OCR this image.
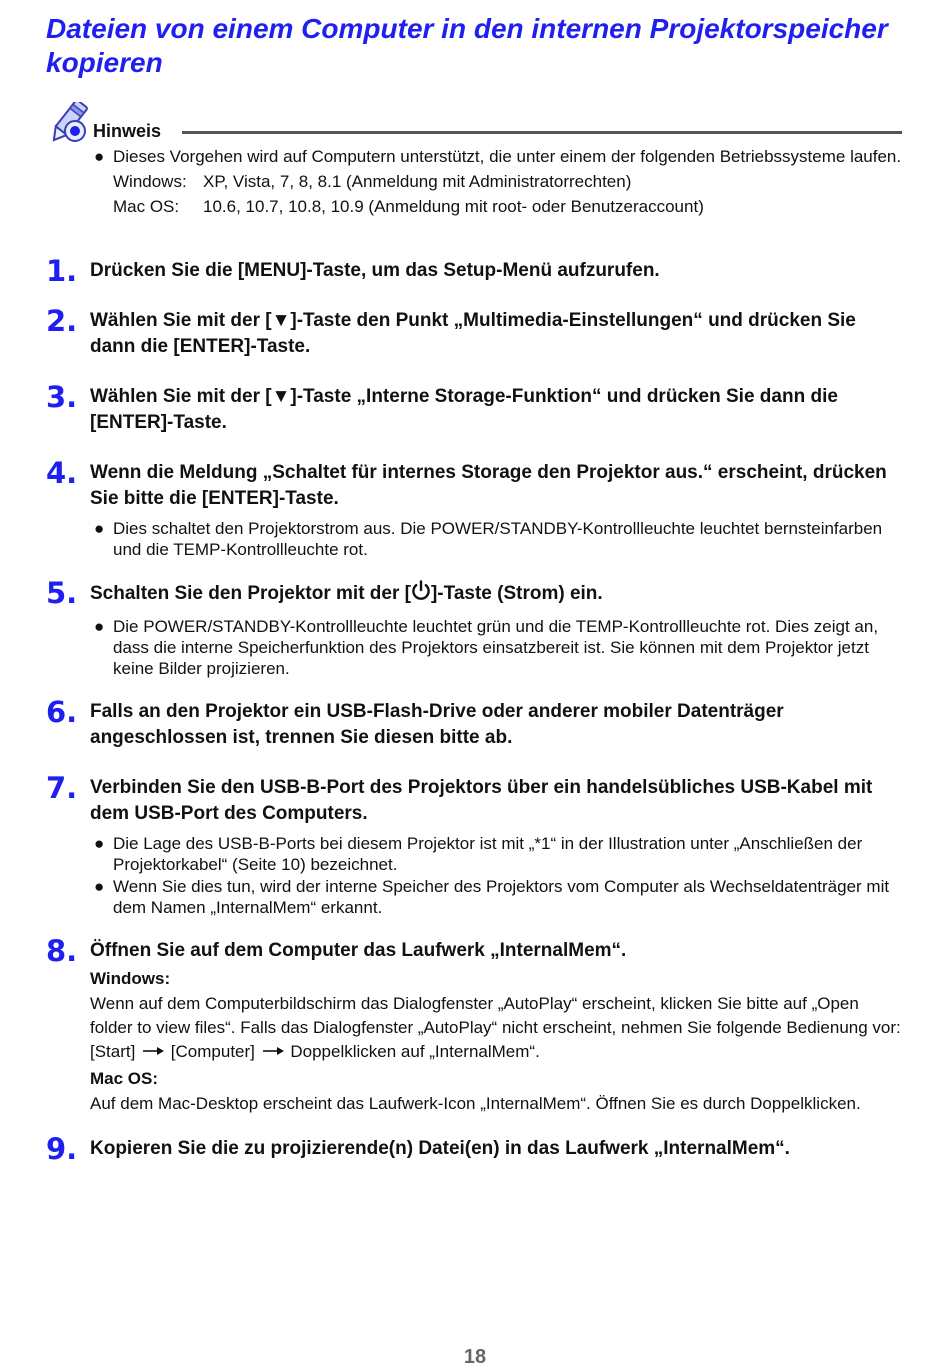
Dateien von einem Computer in den internen Projektorspeicher kopieren
Hinweis
● Dieses Vorgehen wird auf Computern unterstützt, die unter einem der folgenden Betriebssysteme laufen.
Windows: XP, Vista, 7, 8, 8.1 (Anmeldung mit Administratorrechten)
Mac OS:	10.6, 10.7, 10.8, 10.9 (Anmeldung mit root- oder Benutzeraccount)
1. Drücken Sie die [MENU]-Taste, um das Setup-Menü aufzurufen.
2. Wählen Sie mit der [▼]-Taste den Punkt „Multimedia-Einstellungen“ und drücken Sie dann die [ENTER]-Taste.
3. Wählen Sie mit der [▼]-Taste „Interne Storage-Funktion“ und drücken Sie dann die [ENTER]-Taste.
4. Wenn die Meldung „Schaltet für internes Storage den Projektor aus.“ erscheint, drücken Sie bitte die [ENTER]-Taste.
● Dies schaltet den Projektorstrom aus. Die POWER/STANDBY-Kontrollleuchte leuchtet bernsteinfarben und die TEMP-Kontrollleuchte rot.
5. Schalten Sie den Projektor mit der [ ]-Taste (Strom) ein.
● Die POWER/STANDBY-Kontrollleuchte leuchtet grün und die TEMP-Kontrollleuchte rot. Dies zeigt an, dass die interne Speicherfunktion des Projektors einsatzbereit ist. Sie können mit dem Projektor jetzt keine Bilder projizieren.
6. Falls an den Projektor ein USB-Flash-Drive oder anderer mobiler Datenträger angeschlossen ist, trennen Sie diesen bitte ab.
7. Verbinden Sie den USB-B-Port des Projektors über ein handelsübliches USB-Kabel mit dem USB-Port des Computers.
● Die Lage des USB-B-Ports bei diesem Projektor ist mit „*1“ in der Illustration unter „Anschließen der Projektorkabel“ (Seite 10) bezeichnet.
● Wenn Sie dies tun, wird der interne Speicher des Projektors vom Computer als Wechseldatenträger mit dem Namen „InternalMem“ erkannt.
8. Öffnen Sie auf dem Computer das Laufwerk „InternalMem“.
Windows:
Wenn auf dem Computerbildschirm das Dialogfenster „AutoPlay“ erscheint, klicken Sie bitte auf „Open folder to view files“. Falls das Dialogfenster „AutoPlay“ nicht erscheint, nehmen Sie folgende Bedienung vor: [Start]  [Computer]  Doppelklicken auf „InternalMem“.
Mac OS:
Auf dem Mac-Desktop erscheint das Laufwerk-Icon „InternalMem“. Öffnen Sie es durch Doppelklicken.
9. Kopieren Sie die zu projizierende(n) Datei(en) in das Laufwerk „InternalMem“.
18
